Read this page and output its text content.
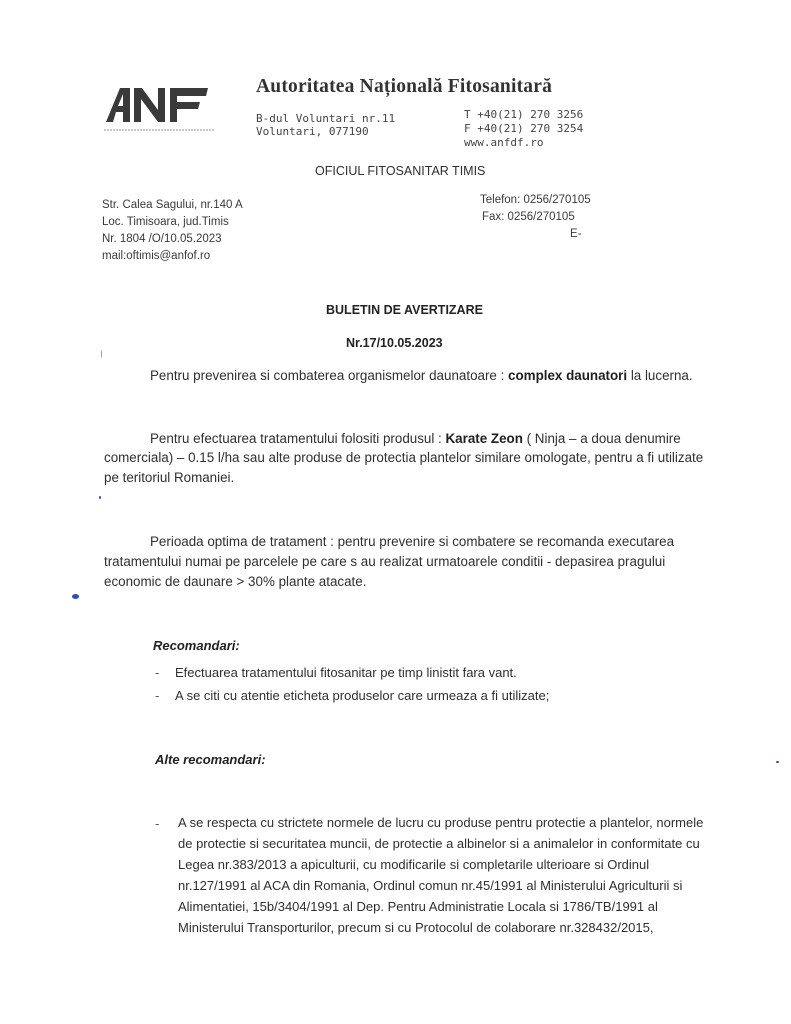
Autoritatea Națională Fitosanitară
B-dul Voluntari nr.11
Voluntari, 077190
T +40(21) 270 3256
F +40(21) 270 3254
www.anfdf.ro
OFICIUL FITOSANITAR TIMIS
Str. Calea Sagului, nr.140 A
Loc. Timisoara, jud.Timis
Nr. 1804 /O/10.05.2023
mail:oftimis@anfof.ro
Telefon: 0256/270105
Fax: 0256/270105
E-
BULETIN DE AVERTIZARE
Nr.17/10.05.2023
Pentru prevenirea si combaterea organismelor daunatoare : complex daunatori la lucerna.
Pentru efectuarea tratamentului folositi produsul : Karate Zeon ( Ninja – a doua denumire
comerciala) – 0.15 l/ha sau alte produse de protectia plantelor similare omologate, pentru a fi utilizate
pe teritoriul Romaniei.
Perioada optima de tratament : pentru prevenire si combatere se recomanda executarea
tratamentului numai pe parcelele pe care s au realizat urmatoarele conditii - depasirea pragului
economic de daunare > 30% plante atacate.
Recomandari:
- Efectuarea tratamentului fitosanitar pe timp linistit fara vant.
- A se citi cu atentie eticheta produselor care urmeaza a fi utilizate;
Alte recomandari:
- A se respecta cu strictete normele de lucru cu produse pentru protectie a plantelor, normele
de protectie si securitatea muncii, de protectie a albinelor si a animalelor in conformitate cu
Legea nr.383/2013 a apiculturii, cu modificarile si completarile ulterioare si Ordinul
nr.127/1991 al ACA din Romania, Ordinul comun nr.45/1991 al Ministerului Agriculturii si
Alimentatiei, 15b/3404/1991 al Dep. Pentru Administratie Locala si 1786/TB/1991 al
Ministerului Transporturilor, precum si cu Protocolul de colaborare nr.328432/2015,
